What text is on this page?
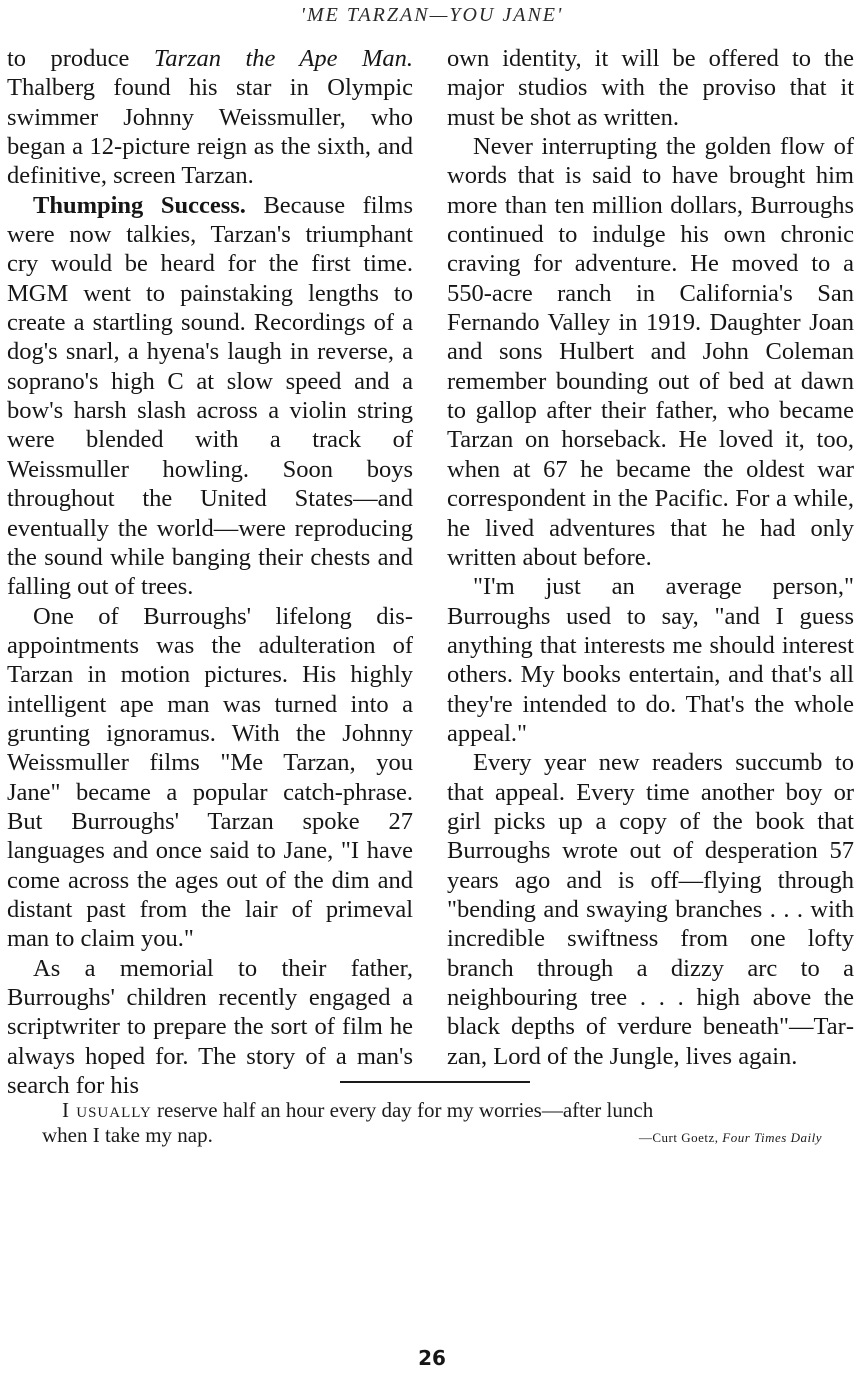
'ME TARZAN—YOU JANE'

to produce Tarzan the Ape Man. Thalberg found his star in Olympic swimmer Johnny Weissmuller, who began a 12-picture reign as the sixth, and definitive, screen Tarzan.

Thumping Success. Because films were now talkies, Tarzan's triumphant cry would be heard for the first time. MGM went to painstaking lengths to create a startling sound. Recordings of a dog's snarl, a hyena's laugh in reverse, a soprano's high C at slow speed and a bow's harsh slash across a violin string were blended with a track of Weissmuller howling. Soon boys throughout the United States—and eventually the world—were reproducing the sound while banging their chests and falling out of trees.

One of Burroughs' lifelong disappointments was the adulteration of Tarzan in motion pictures. His highly intelligent ape man was turned into a grunting ignoramus. With the Johnny Weissmuller films "Me Tarzan, you Jane" became a popular catch-phrase. But Burroughs' Tarzan spoke 27 languages and once said to Jane, "I have come across the ages out of the dim and distant past from the lair of primeval man to claim you."

As a memorial to their father, Burroughs' children recently engaged a scriptwriter to prepare the sort of film he always hoped for. The story of a man's search for his

own identity, it will be offered to the major studios with the proviso that it must be shot as written.

Never interrupting the golden flow of words that is said to have brought him more than ten million dollars, Burroughs continued to indulge his own chronic craving for adventure. He moved to a 550-acre ranch in California's San Fernando Valley in 1919. Daughter Joan and sons Hulbert and John Coleman remember bounding out of bed at dawn to gallop after their father, who became Tarzan on horseback. He loved it, too, when at 67 he became the oldest war correspondent in the Pacific. For a while, he lived adventures that he had only written about before.

"I'm just an average person," Burroughs used to say, "and I guess anything that interests me should interest others. My books entertain, and that's all they're intended to do. That's the whole appeal."

Every year new readers succumb to that appeal. Every time another boy or girl picks up a copy of the book that Burroughs wrote out of desperation 57 years ago and is off—flying through "bending and swaying branches . . . with incredible swiftness from one lofty branch through a dizzy arc to a neighbouring tree . . . high above the black depths of verdure beneath"—Tarzan, Lord of the Jungle, lives again.

I usually reserve half an hour every day for my worries—after lunch
when I take my nap.	—Curt Goetz, Four Times Daily
26
